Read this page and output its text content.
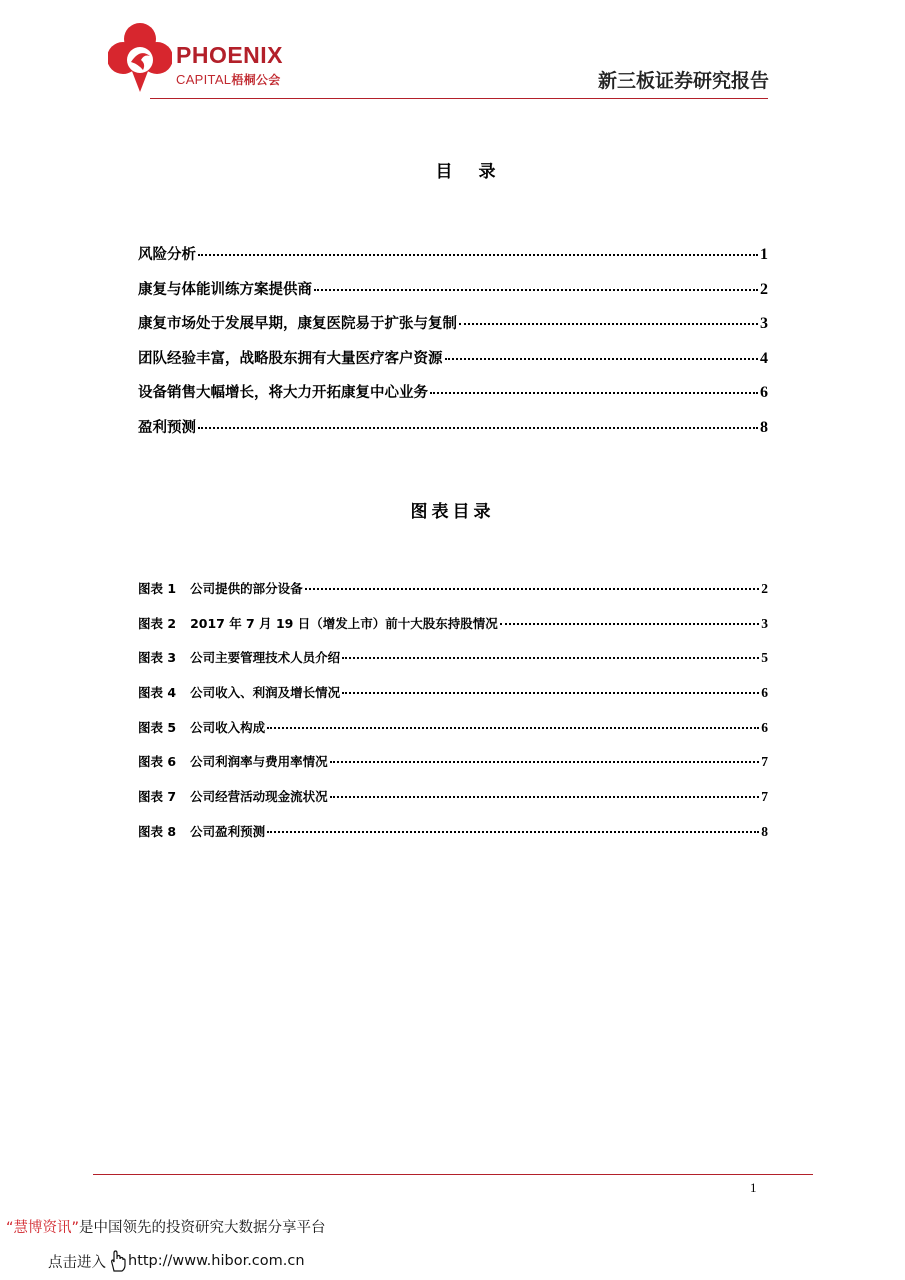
PHOENIX
CAPITAL梧桐公会	新三板证券研究报告
目录
风险分析	1
康复与体能训练方案提供商	2
康复市场处于发展早期，康复医院易于扩张与复制	3
团队经验丰富，战略股东拥有大量医疗客户资源	4
设备销售大幅增长，将大力开拓康复中心业务	6
盈利预测	8
图表目录
图表 1 公司提供的部分设备	2
图表 2 2017 年 7 月 19 日（增发上市）前十大股东持股情况	3
图表 3 公司主要管理技术人员介绍	5
图表 4 公司收入、利润及增长情况	6
图表 5 公司收入构成	6
图表 6 公司利润率与费用率情况	7
图表 7 公司经营活动现金流状况	7
图表 8 公司盈利预测	8
1
“慧博资讯”是中国领先的投资研究大数据分享平台
点击进入 http://www.hibor.com.cn
